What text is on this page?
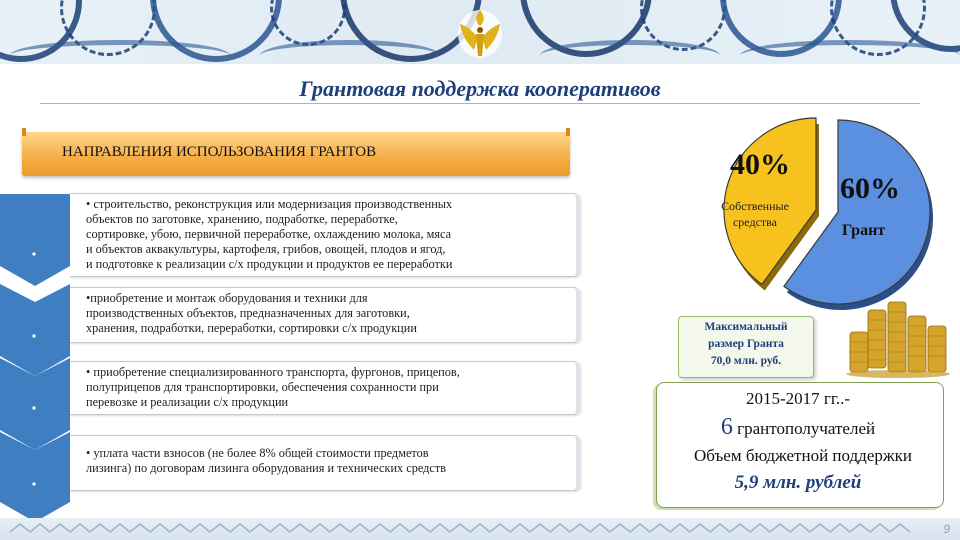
Грантовая поддержка кооперативов
НАПРАВЛЕНИЯ ИСПОЛЬЗОВАНИЯ ГРАНТОВ

• строительство, реконструкция или модернизация производственных

объектов по заготовке, хранению, подработке, переработке,

сортировке, убою, первичной переработке, охлаждению молока, мяса

и объектов аквакультуры, картофеля, грибов, овощей, плодов и ягод,

и подготовке к реализации с/х продукции и продуктов ее переработки

•приобретение и монтаж оборудования и техники для

производственных объектов, предназначенных для заготовки,

хранения, подработки, переработки, сортировки с/х продукции

• приобретение специализированного транспорта, фургонов, прицепов,

полуприцепов для транспортировки, обеспечения сохранности при

перевозке и реализации с/х продукции

• уплата части взносов (не более 8% общей стоимости предметов

лизинга) по договорам лизинга оборудования и технических средств

40%
Собственные
средства
60%
Грант
Максимальный
размер Гранта
70,0 млн. руб.
2015-2017 гг..-
6 грантополучателей
Объем бюджетной поддержки
5,9 млн. рублей
9
